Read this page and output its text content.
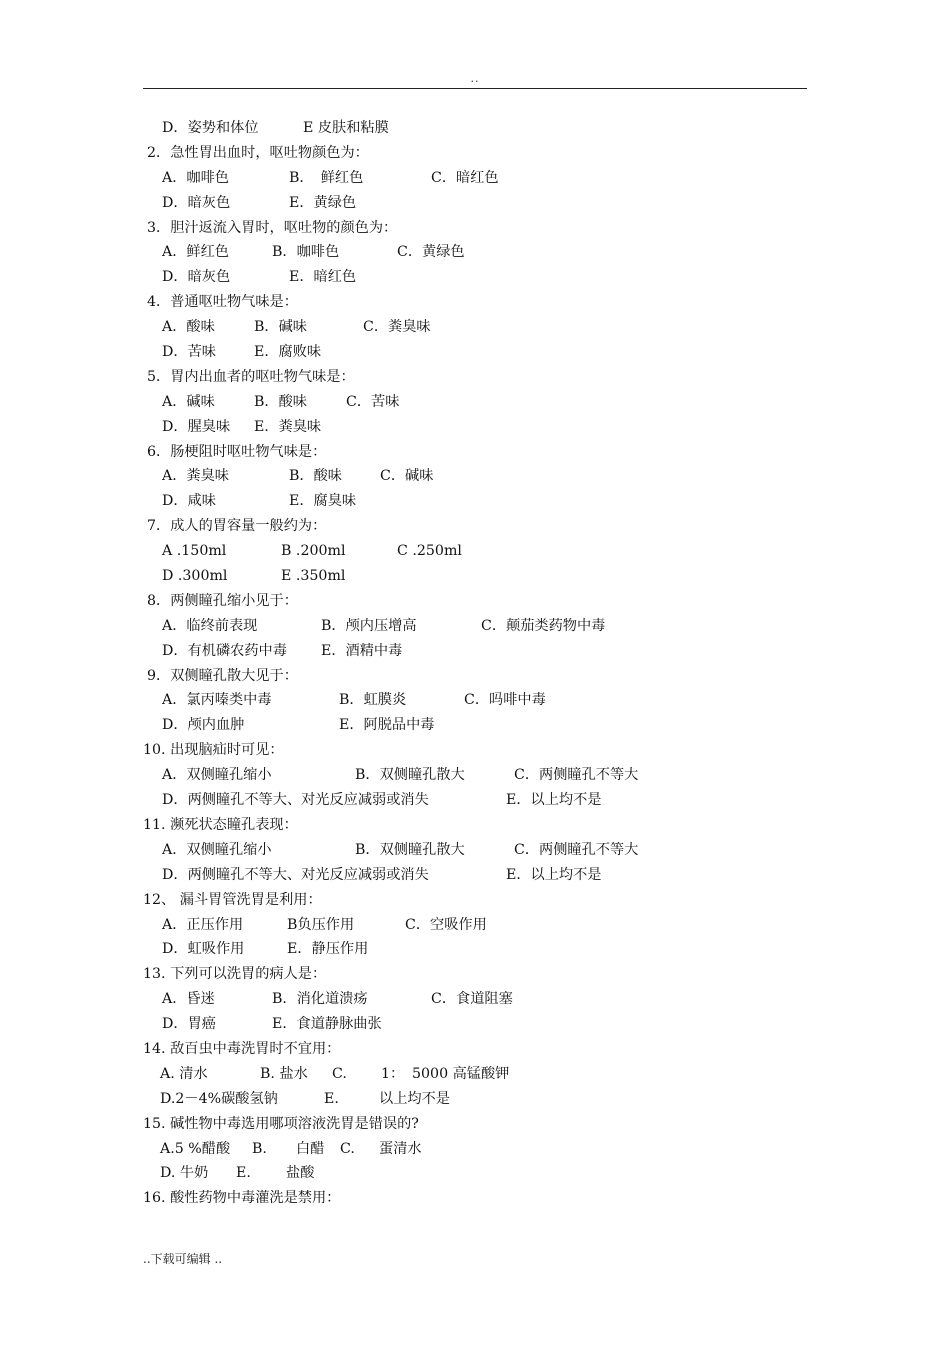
..
D．姿势和体位	E 皮肤和粘膜
2．急性胃出血时，呕吐物颜色为：
A．咖啡色	B．　鲜红色	C．暗红色
D．暗灰色	E．黄绿色
3．胆汁返流入胃时，呕吐物的颜色为：
A．鲜红色	B．咖啡色	C．黄绿色
D．暗灰色	E．暗红色
4．普通呕吐物气味是：
A．酸味	B．碱味	C．粪臭味
D．苦味	E．腐败味
5．胃内出血者的呕吐物气味是：
A．碱味	B．酸味	C．苦味
D．腥臭味 E．粪臭味
6．肠梗阻时呕吐物气味是：
A．粪臭味	B．酸味	C．碱味
D．咸味	E．腐臭味
7．成人的胃容量一般约为：
A .150ml	B .200ml	C .250ml
D .300ml	E .350ml
8．两侧瞳孔缩小见于：
A．临终前表现	B．颅内压增高	C．颠茄类药物中毒
D．有机磷农药中毒 E．酒精中毒
9．双侧瞳孔散大见于：
A．氯丙嗪类中毒	B．虹膜炎	C．吗啡中毒
D．颅内血肿	E．阿脱品中毒
10. 出现脑疝时可见：
A．双侧瞳孔缩小	B．双侧瞳孔散大	C．两侧瞳孔不等大
D．两侧瞳孔不等大、对光反应减弱或消失	E．以上均不是
11. 濒死状态瞳孔表现：
A．双侧瞳孔缩小	B．双侧瞳孔散大	C．两侧瞳孔不等大
D．两侧瞳孔不等大、对光反应减弱或消失	E．以上均不是
12、 漏斗胃管洗胃是利用：
A．正压作用	B负压作用	C．空吸作用
D．虹吸作用	E．静压作用
13. 下列可以洗胃的病人是：
A．昏迷	B．消化道溃疡	C．食道阻塞
D．胃癌	E．食道静脉曲张
14. 敌百虫中毒洗胃时不宜用：
A. 清水	B. 盐水 C. 1： 5000 高锰酸钾
D.2－4%碳酸氢钠	E.	以上均不是
15. 碱性物中毒选用哪项溶液洗胃是错误的?
A.5 %醋酸 B. 白醋 C. 蛋清水
D. 牛奶 E. 盐酸
16. 酸性药物中毒灌洗是禁用：
..下载可编辑 ..
